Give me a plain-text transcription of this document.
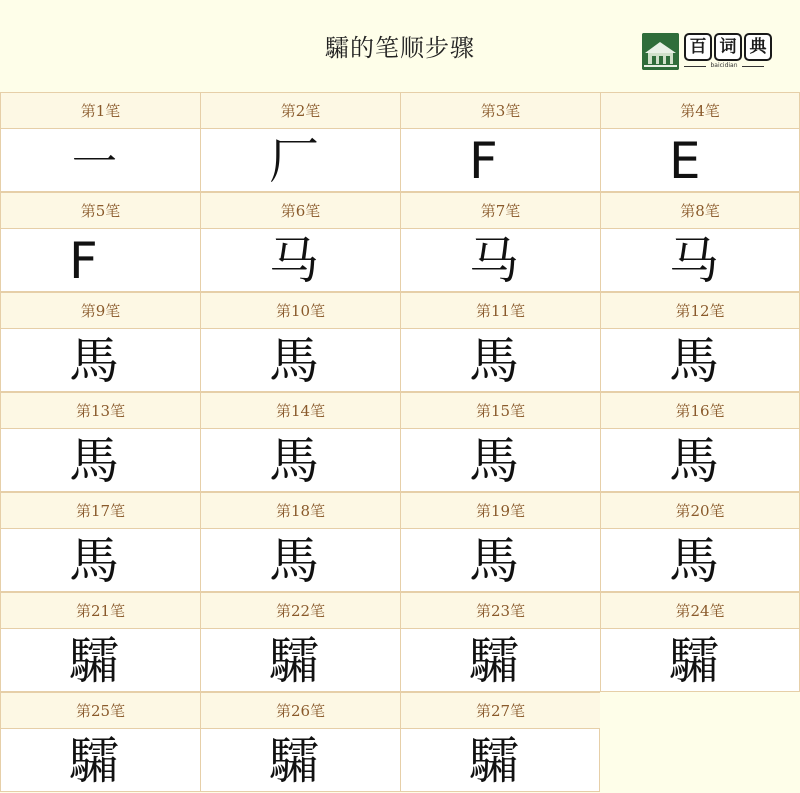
驦的笔顺步骤	百 词 典
baicidian
第1笔
㇐
第2笔
厂
第3笔
F
第4笔
E
第5笔
F
第6笔
马
第7笔
马
第8笔
马
第9笔
馬
第10笔
馬
第11笔
馬
第12笔
馬
第13笔
馬
第14笔
馬
第15笔
馬
第16笔
馬
第17笔
馬
第18笔
馬
第19笔
馬
第20笔
馬
第21笔
驦
第22笔
驦
第23笔
驦
第24笔
驦
第25笔
驦
第26笔
驦
第27笔
驦
